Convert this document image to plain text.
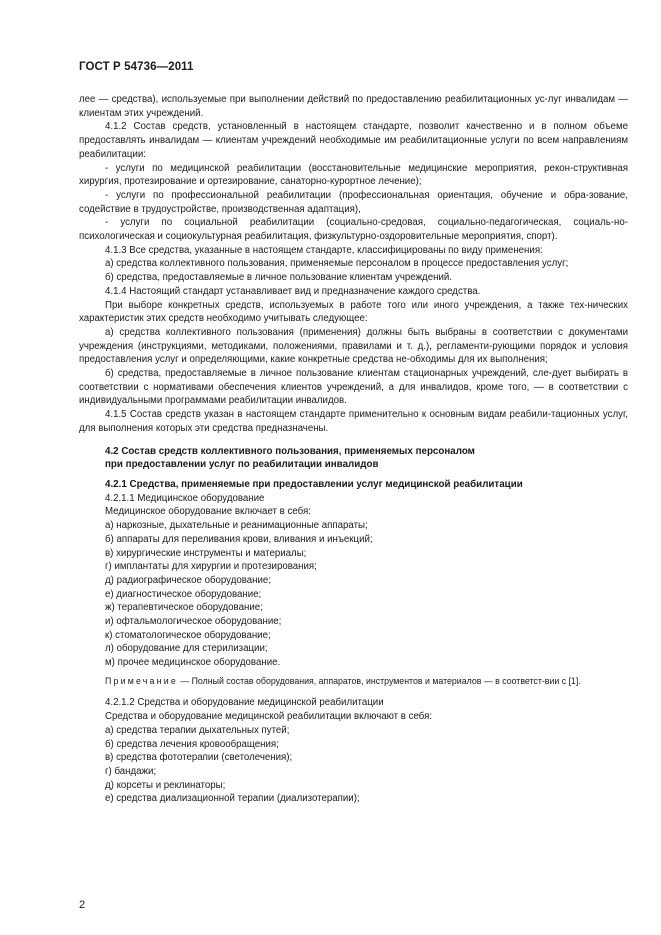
ГОСТ Р 54736—2011

лее — средства), используемые при выполнении действий по предоставлению реабилитационных ус-луг инвалидам — клиентам этих учреждений.

4.1.2 Состав средств, установленный в настоящем стандарте, позволит качественно и в полном объеме предоставлять инвалидам — клиентам учреждений необходимые им реабилитационные услуги по всем направлениям реабилитации:

- услуги по медицинской реабилитации (восстановительные медицинские мероприятия, рекон-структивная хирургия, протезирование и ортезирование, санаторно-курортное лечение);

- услуги по профессиональной реабилитации (профессиональная ориентация, обучение и обра-зование, содействие в трудоустройстве, производственная адаптация),

- услуги по социальной реабилитации (социально-средовая, социально-педагогическая, социаль-но-психологическая и социокультурная реабилитация, физкультурно-оздоровительные мероприятия, спорт).

4.1.3 Все средства, указанные в настоящем стандарте, классифицированы по виду применения:

а) средства коллективного пользования, применяемые персоналом в процессе предоставления услуг;

б) средства, предоставляемые в личное пользование клиентам учреждений.

4.1.4 Настоящий стандарт устанавливает вид и предназначение каждого средства.

При выборе конкретных средств, используемых в работе того или иного учреждения, а также тех-нических характеристик этих средств необходимо учитывать следующее:

а) средства коллективного пользования (применения) должны быть выбраны в соответствии с документами учреждения (инструкциями, методиками, положениями, правилами и т. д.), регламенти-рующими порядок и условия предоставления услуг и определяющими, какие конкретные средства не-обходимы для их выполнения;

б) средства, предоставляемые в личное пользование клиентам стационарных учреждений, сле-дует выбирать в соответствии с нормативами обеспечения клиентов учреждений, а для инвалидов, кроме того, — в соответствии с индивидуальными программами реабилитации инвалидов.

4.1.5 Состав средств указан в настоящем стандарте применительно к основным видам реабили-тационных услуг, для выполнения которых эти средства предназначены.

4.2 Состав средств коллективного пользования, применяемых персоналом
при предоставлении услуг по реабилитации инвалидов

4.2.1 Средства, применяемые при предоставлении услуг медицинской реабилитации

4.2.1.1 Медицинское оборудование

Медицинское оборудование включает в себя:

а) наркозные, дыхательные и реанимационные аппараты;

б) аппараты для переливания крови, вливания и инъекций;

в) хирургические инструменты и материалы;

г) имплантаты для хирургии и протезирования;

д) радиографическое оборудование;

е) диагностическое оборудование;

ж) терапевтическое оборудование;

и) офтальмологическое оборудование;

к) стоматологическое оборудование;

л) оборудование для стерилизации;

м) прочее медицинское оборудование.

Примечание — Полный состав оборудования, аппаратов, инструментов и материалов — в соответст-вии с [1].

4.2.1.2 Средства и оборудование медицинской реабилитации

Средства и оборудование медицинской реабилитации включают в себя:

а) средства терапии дыхательных путей;

б) средства лечения кровообращения;

в) средства фототерапии (светолечения);

г) бандажи;

д) корсеты и реклинаторы;

е) средства диализационной терапии (диализотерапии);

2
